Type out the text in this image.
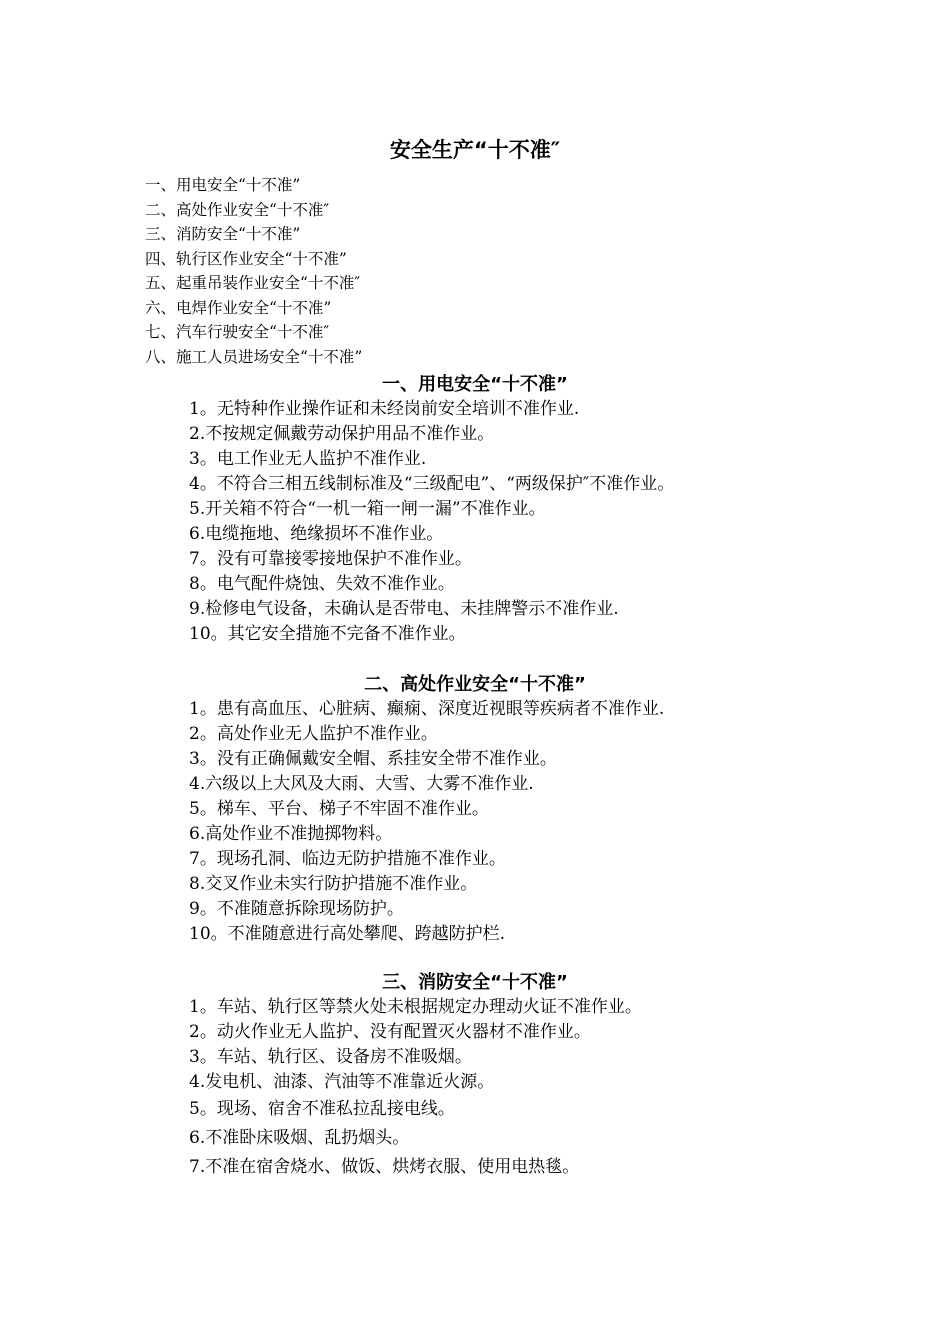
安全生产“十不准″
一、用电安全“十不准”
二、高处作业安全“十不准″
三、消防安全“十不准”
四、轨行区作业安全“十不准”
五、起重吊装作业安全“十不准″
六、电焊作业安全“十不准”
七、汽车行驶安全“十不准″
八、施工人员进场安全“十不准”
一、用电安全“十不准”
1。无特种作业操作证和未经岗前安全培训不准作业.
2.不按规定佩戴劳动保护用品不准作业。
3。电工作业无人监护不准作业.
4。不符合三相五线制标准及“三级配电”、“两级保护″不准作业。
5.开关箱不符合“一机一箱一闸一漏”不准作业。
6.电缆拖地、绝缘损坏不准作业。
7。没有可靠接零接地保护不准作业。
8。电气配件烧蚀、失效不准作业。
9.检修电气设备，未确认是否带电、未挂牌警示不准作业.
10。其它安全措施不完备不准作业。
二、高处作业安全“十不准”
1。患有高血压、心脏病、癫痫、深度近视眼等疾病者不准作业.
2。高处作业无人监护不准作业。
3。没有正确佩戴安全帽、系挂安全带不准作业。
4.六级以上大风及大雨、大雪、大雾不准作业.
5。梯车、平台、梯子不牢固不准作业。
6.高处作业不准抛掷物料。
7。现场孔洞、临边无防护措施不准作业。
8.交叉作业未实行防护措施不准作业。
9。不准随意拆除现场防护。
10。不准随意进行高处攀爬、跨越防护栏.
三、消防安全“十不准”
1。车站、轨行区等禁火处未根据规定办理动火证不准作业。
2。动火作业无人监护、没有配置灭火器材不准作业。
3。车站、轨行区、设备房不准吸烟。
4.发电机、油漆、汽油等不准靠近火源。
5。现场、宿舍不准私拉乱接电线。
6.不准卧床吸烟、乱扔烟头。
7.不准在宿舍烧水、做饭、烘烤衣服、使用电热毯。
